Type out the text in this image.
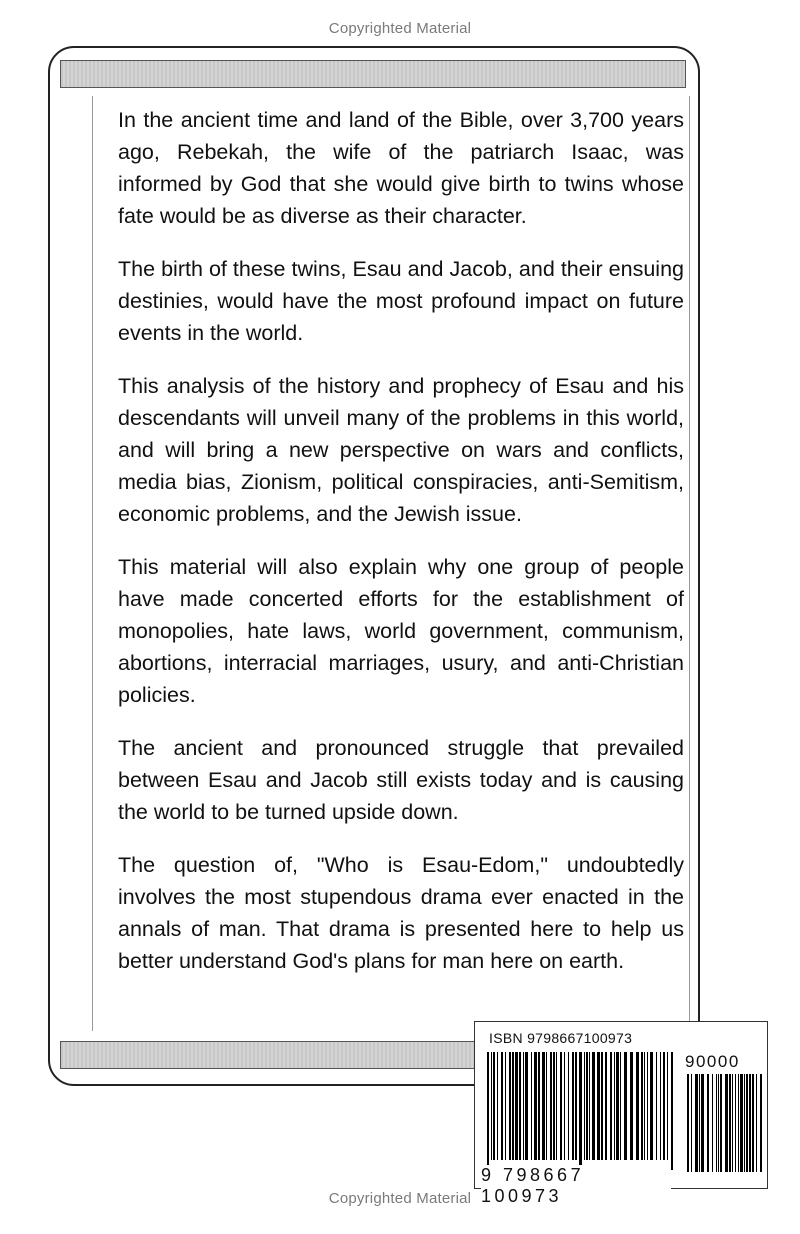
Copyrighted Material

In the ancient time and land of the Bible, over 3,700 years ago, Rebekah, the wife of the patriarch Isaac, was informed by God that she would give birth to twins whose fate would be as diverse as their character.

The birth of these twins, Esau and Jacob, and their ensuing destinies, would have the most profound impact on future events in the world.

This analysis of the history and prophecy of Esau and his descendants will unveil many of the problems in this world, and will bring a new perspective on wars and conflicts, media bias, Zionism, political conspiracies, anti-Semitism, economic problems, and the Jewish issue.

This material will also explain why one group of people have made concerted efforts for the establishment of monopolies, hate laws, world government, communism, abortions, interracial marriages, usury, and anti-Christian policies.

The ancient and pronounced struggle that prevailed between Esau and Jacob still exists today and is causing the world to be turned upside down.

The question of, "Who is Esau-Edom," undoubtedly involves the most stupendous drama ever enacted in the annals of man. That drama is presented here to help us better understand God's plans for man here on earth.

ISBN 9798667100973
90000
9 798667 100973
Copyrighted Material
